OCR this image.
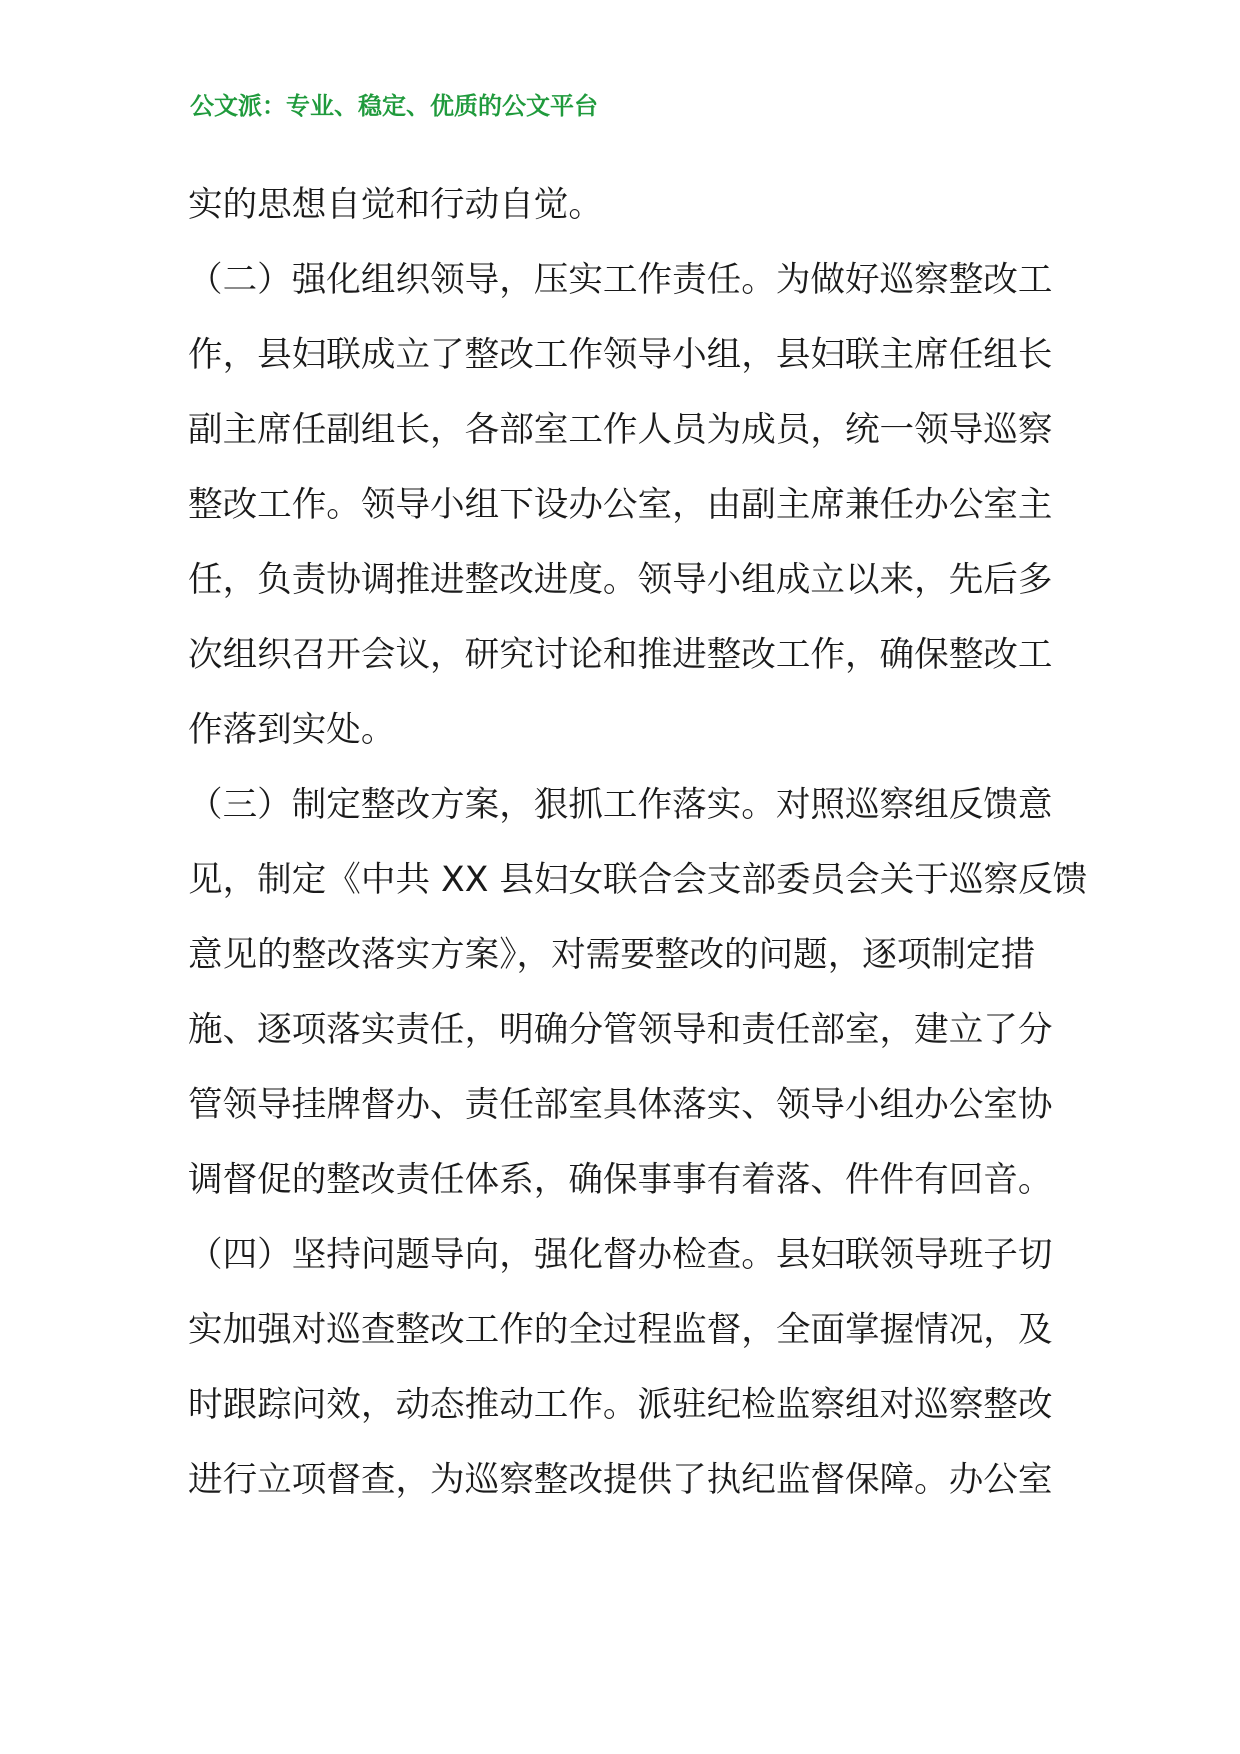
公文派：专业、稳定、优质的公文平台
实的思想自觉和行动自觉。
（二）强化组织领导，压实工作责任。为做好巡察整改工
作，县妇联成立了整改工作领导小组，县妇联主席任组长
副主席任副组长，各部室工作人员为成员，统一领导巡察
整改工作。领导小组下设办公室，由副主席兼任办公室主
任，负责协调推进整改进度。领导小组成立以来，先后多
次组织召开会议，研究讨论和推进整改工作，确保整改工
作落到实处。
（三）制定整改方案，狠抓工作落实。对照巡察组反馈意
见，制定《中共 XX 县妇女联合会支部委员会关于巡察反馈
意见的整改落实方案》，对需要整改的问题，逐项制定措
施、逐项落实责任，明确分管领导和责任部室，建立了分
管领导挂牌督办、责任部室具体落实、领导小组办公室协
调督促的整改责任体系，确保事事有着落、件件有回音。
（四）坚持问题导向，强化督办检查。县妇联领导班子切
实加强对巡查整改工作的全过程监督，全面掌握情况，及
时跟踪问效，动态推动工作。派驻纪检监察组对巡察整改
进行立项督查，为巡察整改提供了执纪监督保障。办公室
